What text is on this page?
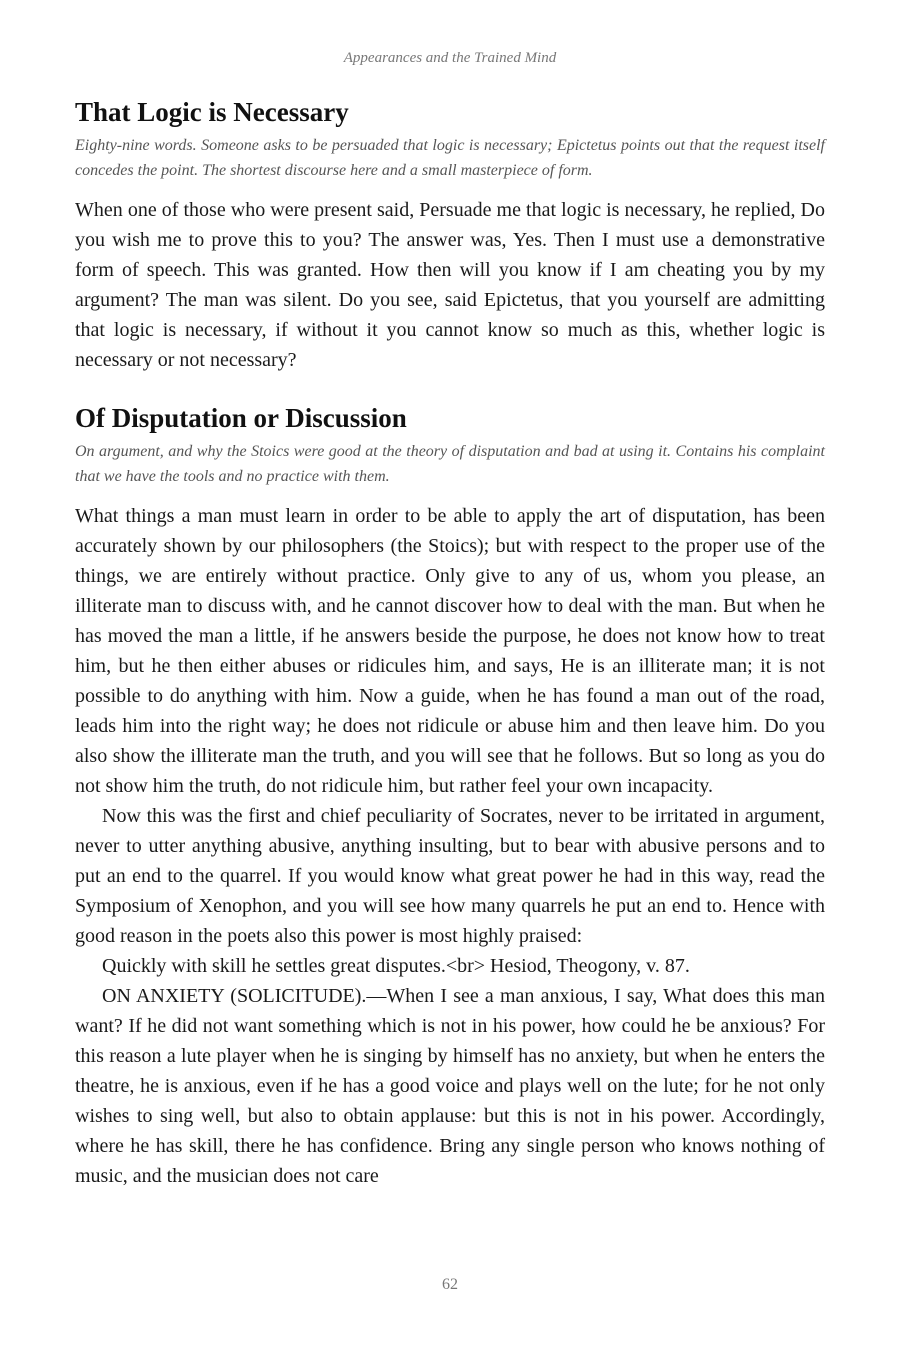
Appearances and the Trained Mind
That Logic is Necessary

Eighty-nine words. Someone asks to be persuaded that logic is necessary; Epictetus points out that the request itself concedes the point. The shortest discourse here and a small masterpiece of form.

When one of those who were present said, Persuade me that logic is necessary, he replied, Do you wish me to prove this to you? The answer was, Yes. Then I must use a demonstrative form of speech. This was granted. How then will you know if I am cheating you by my argument? The man was silent. Do you see, said Epictetus, that you yourself are admitting that logic is necessary, if without it you cannot know so much as this, whether logic is necessary or not necessary?

Of Disputation or Discussion

On argument, and why the Stoics were good at the theory of disputation and bad at using it. Contains his complaint that we have the tools and no practice with them.

What things a man must learn in order to be able to apply the art of disputation, has been accurately shown by our philosophers (the Stoics); but with respect to the proper use of the things, we are entirely without practice. Only give to any of us, whom you please, an illiterate man to discuss with, and he cannot discover how to deal with the man. But when he has moved the man a little, if he answers beside the purpose, he does not know how to treat him, but he then either abuses or ridicules him, and says, He is an illiterate man; it is not possible to do anything with him. Now a guide, when he has found a man out of the road, leads him into the right way; he does not ridicule or abuse him and then leave him. Do you also show the illiterate man the truth, and you will see that he follows. But so long as you do not show him the truth, do not ridicule him, but rather feel your own incapacity.

Now this was the first and chief peculiarity of Socrates, never to be irritated in argument, never to utter anything abusive, anything insulting, but to bear with abusive persons and to put an end to the quarrel. If you would know what great power he had in this way, read the Symposium of Xenophon, and you will see how many quarrels he put an end to. Hence with good reason in the poets also this power is most highly praised:

Quickly with skill he settles great disputes.<br> Hesiod, Theogony, v. 87.

ON ANXIETY (SOLICITUDE).—When I see a man anxious, I say, What does this man want? If he did not want something which is not in his power, how could he be anxious? For this reason a lute player when he is singing by himself has no anxiety, but when he enters the theatre, he is anxious, even if he has a good voice and plays well on the lute; for he not only wishes to sing well, but also to obtain applause: but this is not in his power. Accordingly, where he has skill, there he has confidence. Bring any single person who knows nothing of music, and the musician does not care

62
